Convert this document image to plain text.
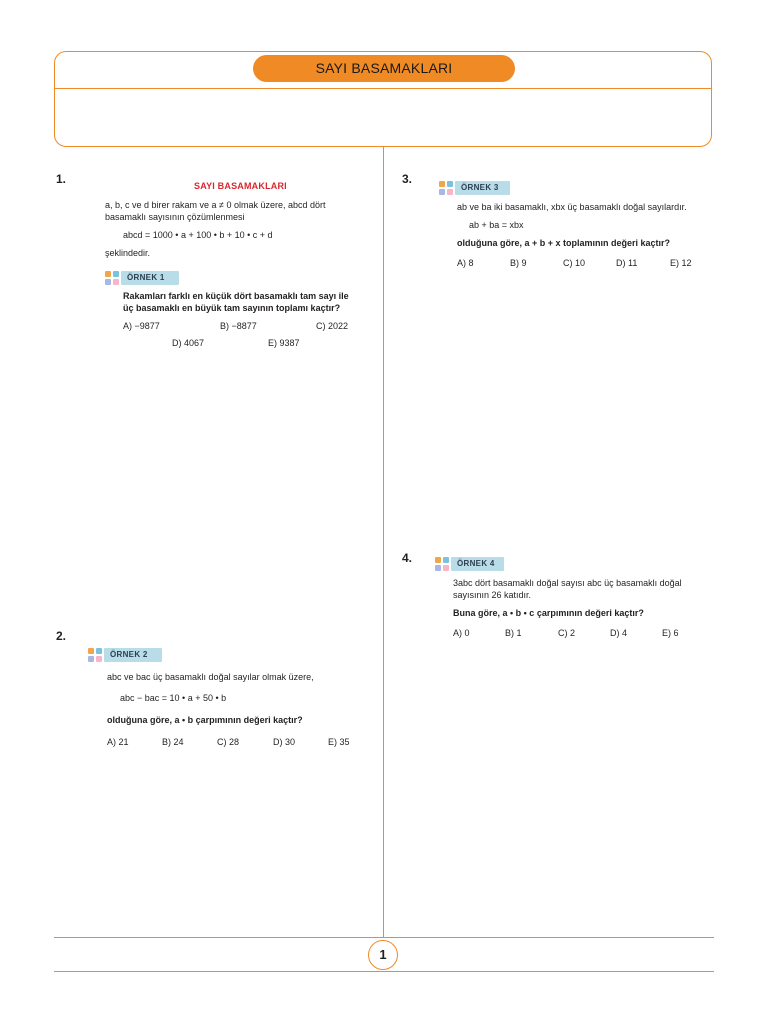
SAYI BASAMAKLARI
1
1.	SAYI BASAMAKLARI
a, b, c ve d birer rakam ve a ≠ 0 olmak üzere, abcd dört
basamaklı sayısının çözümlenmesi
abcd = 1000 • a + 100 • b + 10 • c + d
şeklindedir.
ÖRNEK 1
Rakamları farklı en küçük dört basamaklı tam sayı ile
üç basamaklı en büyük tam sayının toplamı kaçtır?
A) −9877	B) −8877	C) 2022
D) 4067	E) 9387
2.
ÖRNEK 2
abc ve bac üç basamaklı doğal sayılar olmak üzere,
abc − bac = 10 • a + 50 • b
olduğuna göre, a • b çarpımının değeri kaçtır?
A) 21	B) 24	C) 28	D) 30	E) 35
3.
ÖRNEK 3
ab ve ba iki basamaklı, xbx üç basamaklı doğal sayılardır.
ab + ba = xbx
olduğuna göre, a + b + x toplamının değeri kaçtır?
A) 8	B) 9	C) 10	D) 11	E) 12
4.	ÖRNEK 4
3abc dört basamaklı doğal sayısı abc üç basamaklı doğal
sayısının 26 katıdır.
Buna göre, a • b • c çarpımının değeri kaçtır?
A) 0	B) 1	C) 2	D) 4	E) 6
